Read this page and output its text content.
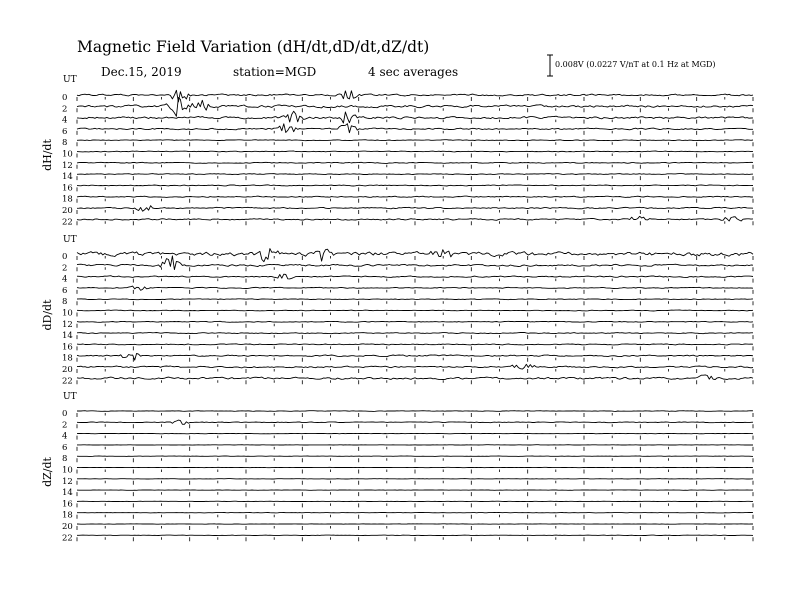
Magnetic Field Variation (dH/dt,dD/dt,dZ/dt)
Dec.15, 2019	station=MGD	4 sec averages
0.008V (0.0227 V/nT at 0.1 Hz at MGD)
UT
dH/dt
0
2
4
6
8
10
12
14
16
18
20
22
UT
dD/dt
0
2
4
6
8
10
12
14
16
18
20
22
UT
dZ/dt
0
2
4
6
8
10
12
14
16
18
20
22
